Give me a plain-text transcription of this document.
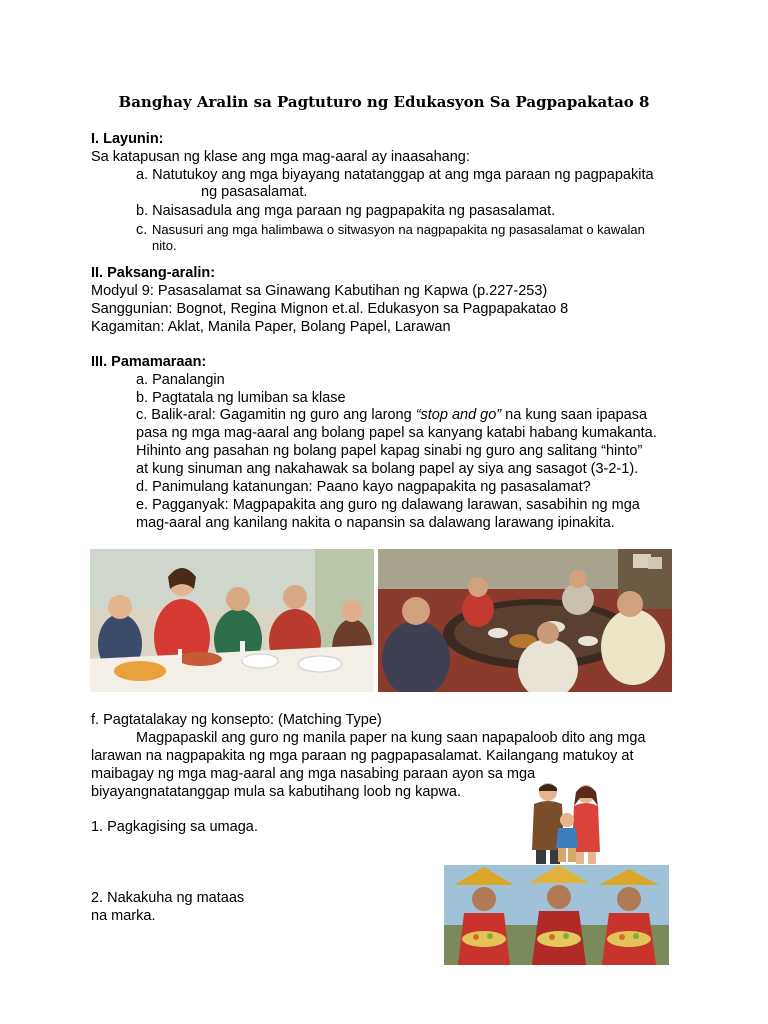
Banghay Aralin sa Pagtuturo ng Edukasyon Sa Pagpapakatao 8
I. Layunin:
Sa katapusan ng klase ang mga mag-aaral ay inaasahang:
a. Natutukoy ang mga biyayang natatanggap at ang mga paraan ng pagpapakita
ng pasasalamat.
b. Naisasadula ang mga paraan ng pagpapakita ng pasasalamat.
c. Nasusuri ang mga halimbawa o sitwasyon na nagpapakita ng pasasalamat o kawalan
nito.
II. Paksang-aralin:
Modyul 9: Pasasalamat sa Ginawang Kabutihan ng Kapwa (p.227-253)
Sanggunian: Bognot, Regina Mignon et.al. Edukasyon sa Pagpapakatao 8
Kagamitan: Aklat, Manila Paper, Bolang Papel, Larawan
III. Pamamaraan:
a. Panalangin
b. Pagtatala ng lumiban sa klase
c. Balik-aral: Gagamitin ng guro ang larong “stop and go” na kung saan ipapasa
pasa ng mga mag-aaral ang bolang papel sa kanyang katabi habang kumakanta.
Hihinto ang pasahan ng bolang papel kapag sinabi ng guro ang salitang “hinto”
at kung sinuman ang nakahawak sa bolang papel ay siya ang sasagot (3-2-1).
d. Panimulang katanungan: Paano kayo nagpapakita ng pasasalamat?
e. Pagganyak: Magpapakita ang guro ng dalawang larawan, sasabihin ng mga
mag-aaral ang kanilang nakita o napansin sa dalawang larawang ipinakita.
f. Pagtatalakay ng konsepto: (Matching Type)
Magpapaskil ang guro ng manila paper na kung saan napapaloob dito ang mga
larawan na nagpapakita ng mga paraan ng pagpapasalamat. Kailangang matukoy at
maibagay ng mga mag-aaral ang mga nasabing paraan ayon sa mga
biyayangnatatanggap mula sa kabutihang loob ng kapwa.
1. Pagkagising sa umaga.
2. Nakakuha ng mataas
na marka.
